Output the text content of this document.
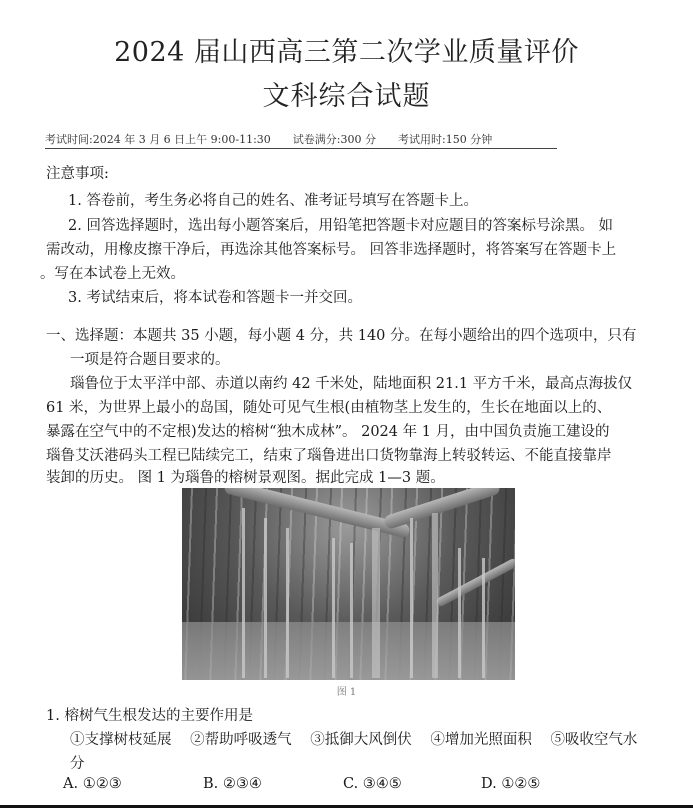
2024 届山西高三第二次学业质量评价
文科综合试题
考试时间:2024 年 3 月 6 日上午 9:00-11:30 试卷满分:300 分 考试用时:150 分钟
注意事项:
1. 答卷前，考生务必将自己的姓名、准考证号填写在答题卡上。
2. 回答选择题时，选出每小题答案后，用铅笔把答题卡对应题目的答案标号涂黑。 如
需改动，用橡皮擦干净后，再选涂其他答案标号。 回答非选择题时，将答案写在答题卡上
。写在本试卷上无效。
3. 考试结束后，将本试卷和答题卡一并交回。
一、选择题：本题共 35 小题，每小题 4 分，共 140 分。在每小题给出的四个选项中，只有
一项是符合题目要求的。
瑙鲁位于太平洋中部、赤道以南约 42 千米处，陆地面积 21.1 平方千米，最高点海拔仅
61 米，为世界上最小的岛国，随处可见气生根(由植物茎上发生的，生长在地面以上的、
暴露在空气中的不定根)发达的榕树“独木成林”。 2024 年 1 月，由中国负责施工建设的
瑙鲁艾沃港码头工程已陆续完工，结束了瑙鲁进出口货物靠海上转驳转运、不能直接靠岸
装卸的历史。 图 1 为瑙鲁的榕树景观图。据此完成 1—3 题。
图 1
1. 榕树气生根发达的主要作用是
①支撑树枝延展 ②帮助呼吸透气 ③抵御大风倒伏 ④增加光照面积 ⑤吸收空气水
分
A. ①②③	B. ②③④	C. ③④⑤	D. ①②⑤
